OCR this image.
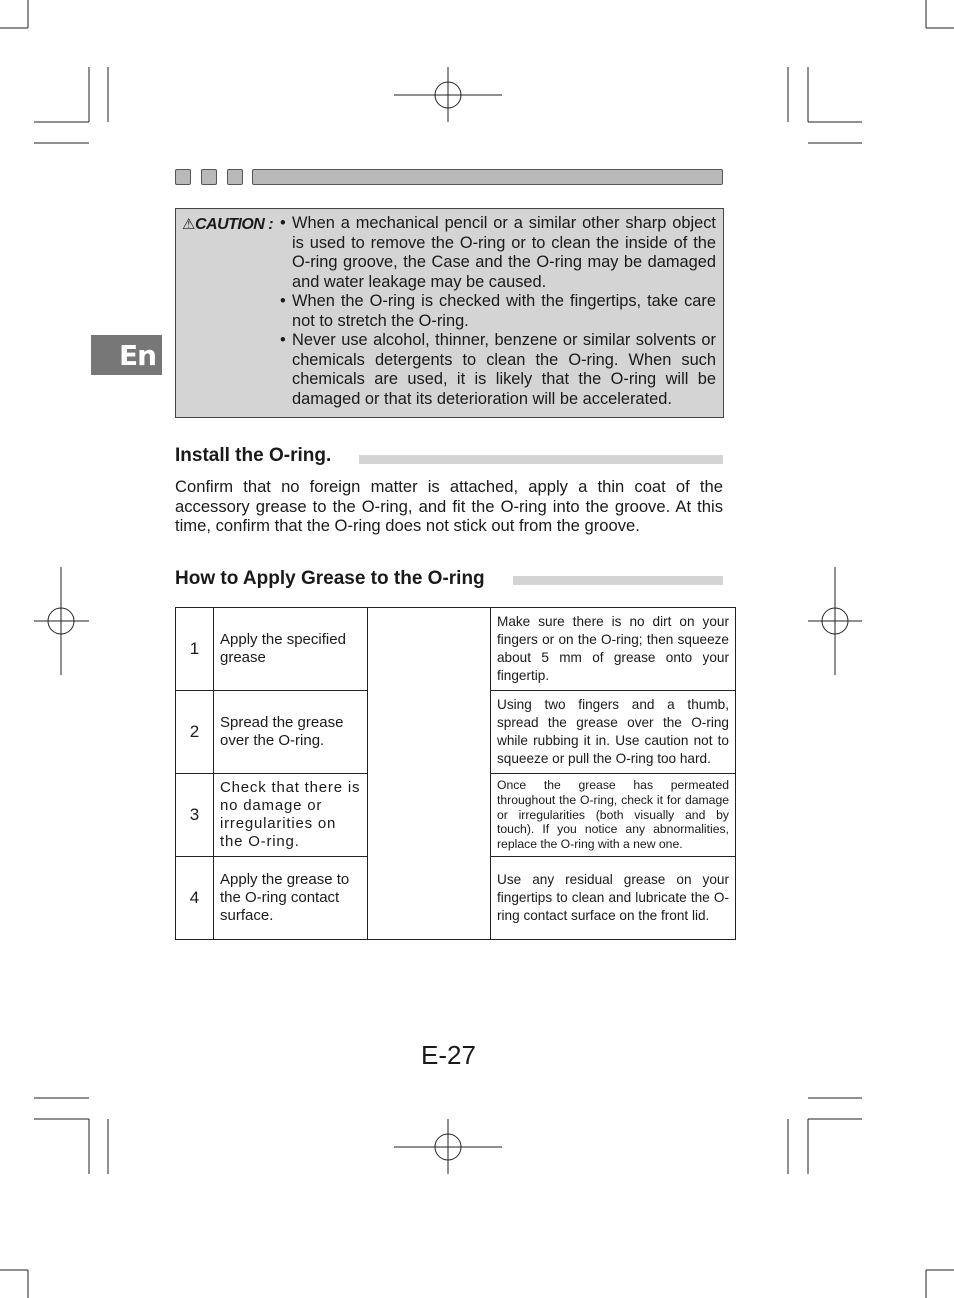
En
⚠CAUTION :	• When a mechanical pencil or a similar other sharp object is used to remove the O-ring or to clean the inside of the O-ring groove, the Case and the O-ring may be damaged and water leakage may be caused.
• When the O-ring is checked with the fingertips, take care not to stretch the O-ring.
• Never use alcohol, thinner, benzene or similar solvents or chemicals detergents to clean the O-ring. When such chemicals are used, it is likely that the O-ring will be damaged or that its deterioration will be accelerated.
Install the O-ring.
Confirm that no foreign matter is attached, apply a thin coat of the accessory grease to the O-ring, and fit the O-ring into the groove. At this time, confirm that the O-ring does not stick out from the groove.
How to Apply Grease to the O-ring
1	Apply the specified grease		Make sure there is no dirt on your fingers or on the O-ring; then squeeze about 5 mm of grease onto your fingertip.
2	Spread the grease over the O-ring.		Using two fingers and a thumb, spread the grease over the O-ring while rubbing it in. Use caution not to squeeze or pull the O-ring too hard.
3	Check that there is no damage or irregularities on the O-ring.		Once the grease has permeated throughout the O-ring, check it for damage or irregularities (both visually and by touch). If you notice any abnormalities, replace the O-ring with a new one.
4	Apply the grease to the O-ring contact surface.		Use any residual grease on your fingertips to clean and lubricate the O-ring contact surface on the front lid.
E-27
